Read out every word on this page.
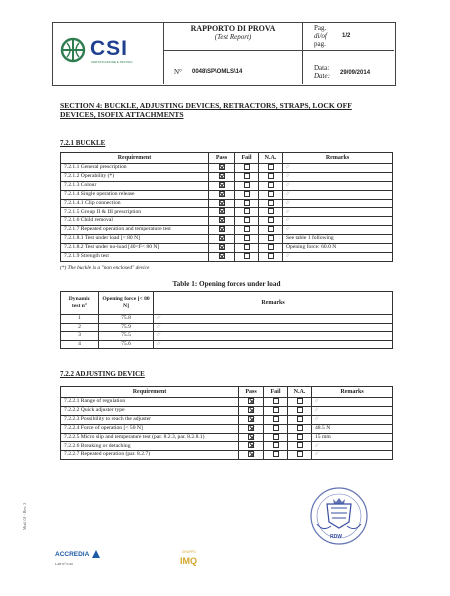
CSI
CERTIFICAZIONE E TESTING
RAPPORTO DI PROVA
(Test Report)
N° 0048\SP\OMLS\14
Pag.
di/of
pag.
1/2
Data:
Date: 29/09/2014
SECTION 4: BUCKLE, ADJUSTING DEVICES, RETRACTORS, STRAPS, LOCK OFF
DEVICES, ISOFIX ATTACHMENTS
7.2.1 BUCKLE
Requirement	Pass	Fail	N.A.	Remarks
7.2.1.1 General prescription				//
7.2.1.2 Operability (*)				//
7.2.1.3 Colour				//
7.2.1.4 Single operation release				//
7.2.1.4.1 Clip connection				//
7.2.1.5 Group II & III prescription				//
7.2.1.6 Child removal				//
7.2.1.7 Repeated operation and temperature test				//
7.2.1.8.1 Test under load [< 80 N]				See table 1 following
7.2.1.8.2 Test under no-load [40<F< 80 N]				Opening force: 60.0 N
7.2.1.9 Strength test				//
(*) The buckle is a "non enclosed" device
Table 1: Opening forces under load
Dynamic test n°	Opening force [< 80 N]	Remarks
1	75.8	//
2	75.9	//
3	75.5	//
4	75.6	//
7.2.2 ADJUSTING DEVICE
Requirement	Pass	Fail	N.A.	Remarks
7.2.2.1 Range of regulation				//
7.2.2.2 Quick adjuster type				//
7.2.2.3 Possibility to reach the adjuster				//
7.2.2.4 Force of operation [< 50 N]				48.5 N
7.2.2.5 Micro slip and temperature test (par. 8.2.3, par. 8.2.8.1)				15 mm
7.2.2.6 Breaking or detaching				//
7.2.2.7 Repeated operation (par. 8.2.7)				//
Mod. 01 - Rev. 3
ACCREDIA
LAB N° 0146
GRUPPO
IMQ
RDW
